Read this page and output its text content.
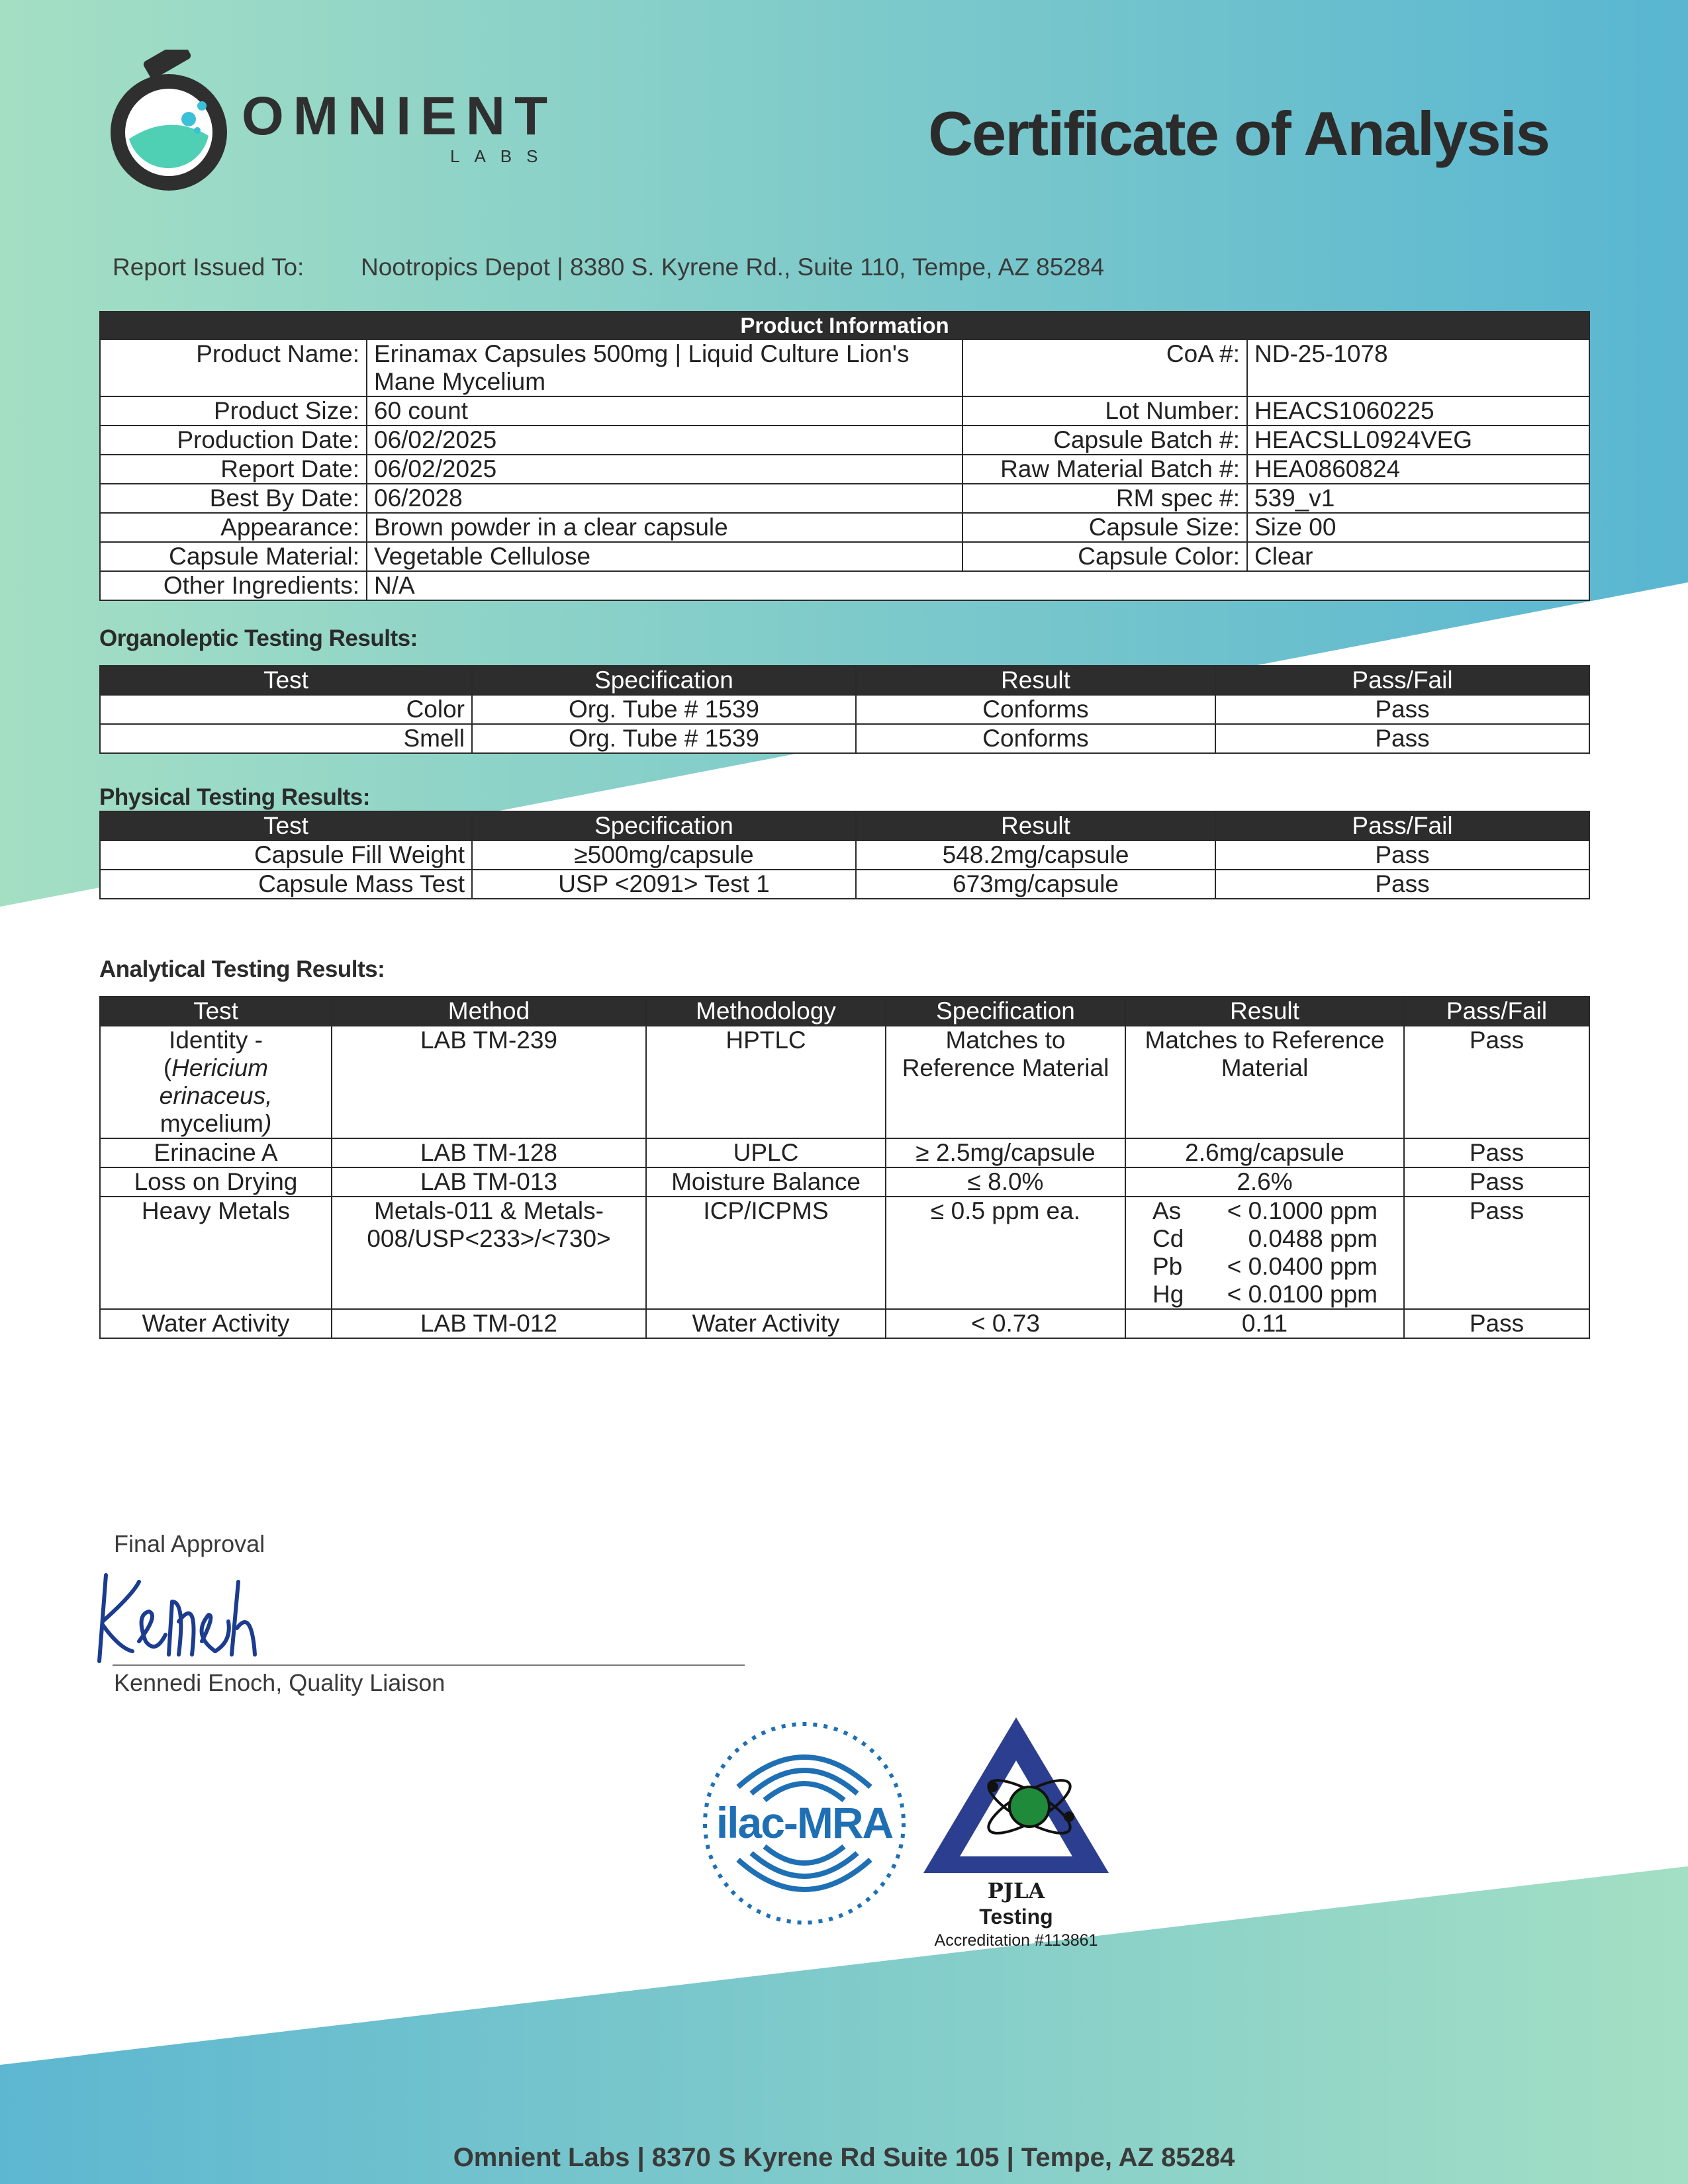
OMNIENT
LABS	Certificate of Analysis
Report Issued To: Nootropics Depot | 8380 S. Kyrene Rd., Suite 110, Tempe, AZ 85284
Product Information			
Product Name:	Erinamax Capsules 500mg | Liquid Culture Lion's Mane Mycelium	CoA #:	ND-25-1078
Product Size:	60 count	Lot Number:	HEACS1060225
Production Date:	06/02/2025	Capsule Batch #:	HEACSLL0924VEG
Report Date:	06/02/2025	Raw Material Batch #:	HEA0860824
Best By Date:	06/2028	RM spec #:	539_v1
Appearance:	Brown powder in a clear capsule	Capsule Size:	Size 00
Capsule Material:	Vegetable Cellulose	Capsule Color:	Clear
Other Ingredients:	N/A		
Organoleptic Testing Results:
Test	Specification	Result	Pass/Fail
Color	Org. Tube # 1539	Conforms	Pass
Smell	Org. Tube # 1539	Conforms	Pass
Physical Testing Results:
Test	Specification	Result	Pass/Fail
Capsule Fill Weight	≥500mg/capsule	548.2mg/capsule	Pass
Capsule Mass Test	USP <2091> Test 1	673mg/capsule	Pass
Analytical Testing Results:
Test	Method	Methodology	Specification	Result	Pass/Fail
Identity -
(Hericium erinaceus,
mycelium)	LAB TM-239	HPTLC	Matches to Reference Material	Matches to Reference Material	Pass
Erinacine A	LAB TM-128	UPLC	≥ 2.5mg/capsule	2.6mg/capsule	Pass
Loss on Drying	LAB TM-013	Moisture Balance	≤ 8.0%	2.6%	Pass
Heavy Metals	Metals-011 & Metals-008/USP<233>/<730>	ICP/ICPMS	≤ 0.5 ppm ea.	As < 0.1000 ppm
Cd 0.0488 ppm
Pb < 0.0400 ppm
Hg < 0.0100 ppm	Pass
Water Activity	LAB TM-012	Water Activity	< 0.73	0.11	Pass
Final Approval
Kennedi Enoch, Quality Liaison
ilac-MRA
PJLA
Testing
Accreditation #113861
Omnient Labs | 8370 S Kyrene Rd Suite 105 | Tempe, AZ 85284
